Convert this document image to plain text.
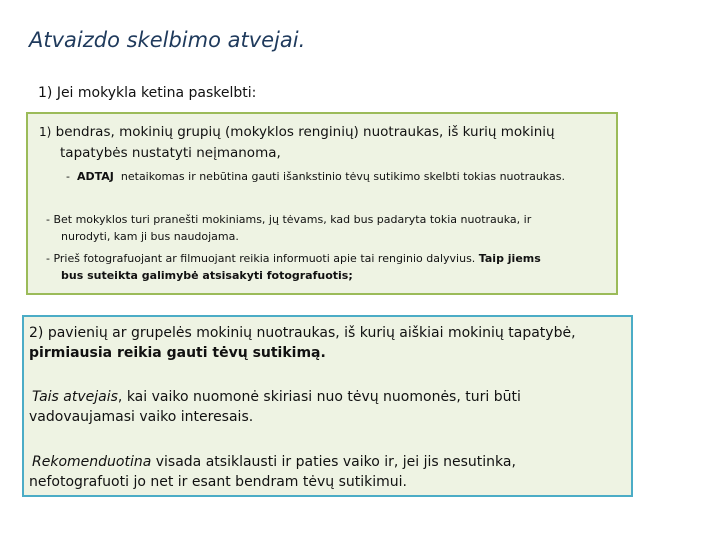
Atvaizdo skelbimo atvejai.
1) Jei mokykla ketina paskelbti:
1) bendras, mokinių grupių (mokyklos renginių) nuotraukas, iš kurių mokinių
tapatybės nustatyti neįmanoma,
- ADTAJ netaikomas ir nebūtina gauti išankstinio tėvų sutikimo skelbti tokias nuotraukas.
- Bet mokyklos turi pranešti mokiniams, jų tėvams, kad bus padaryta tokia nuotrauka, ir
nurodyti, kam ji bus naudojama.
- Prieš fotografuojant ar filmuojant reikia informuoti apie tai renginio dalyvius. Taip jiems
bus suteikta galimybė atsisakyti fotografuotis;
2) pavienių ar grupelės mokinių nuotraukas, iš kurių aiškiai mokinių tapatybė,
pirmiausia reikia gauti tėvų sutikimą.
Tais atvejais, kai vaiko nuomonė skiriasi nuo tėvų nuomonės, turi būti
vadovaujamasi vaiko interesais.
Rekomenduotina visada atsiklausti ir paties vaiko ir, jei jis nesutinka,
nefotografuoti jo net ir esant bendram tėvų sutikimui.
